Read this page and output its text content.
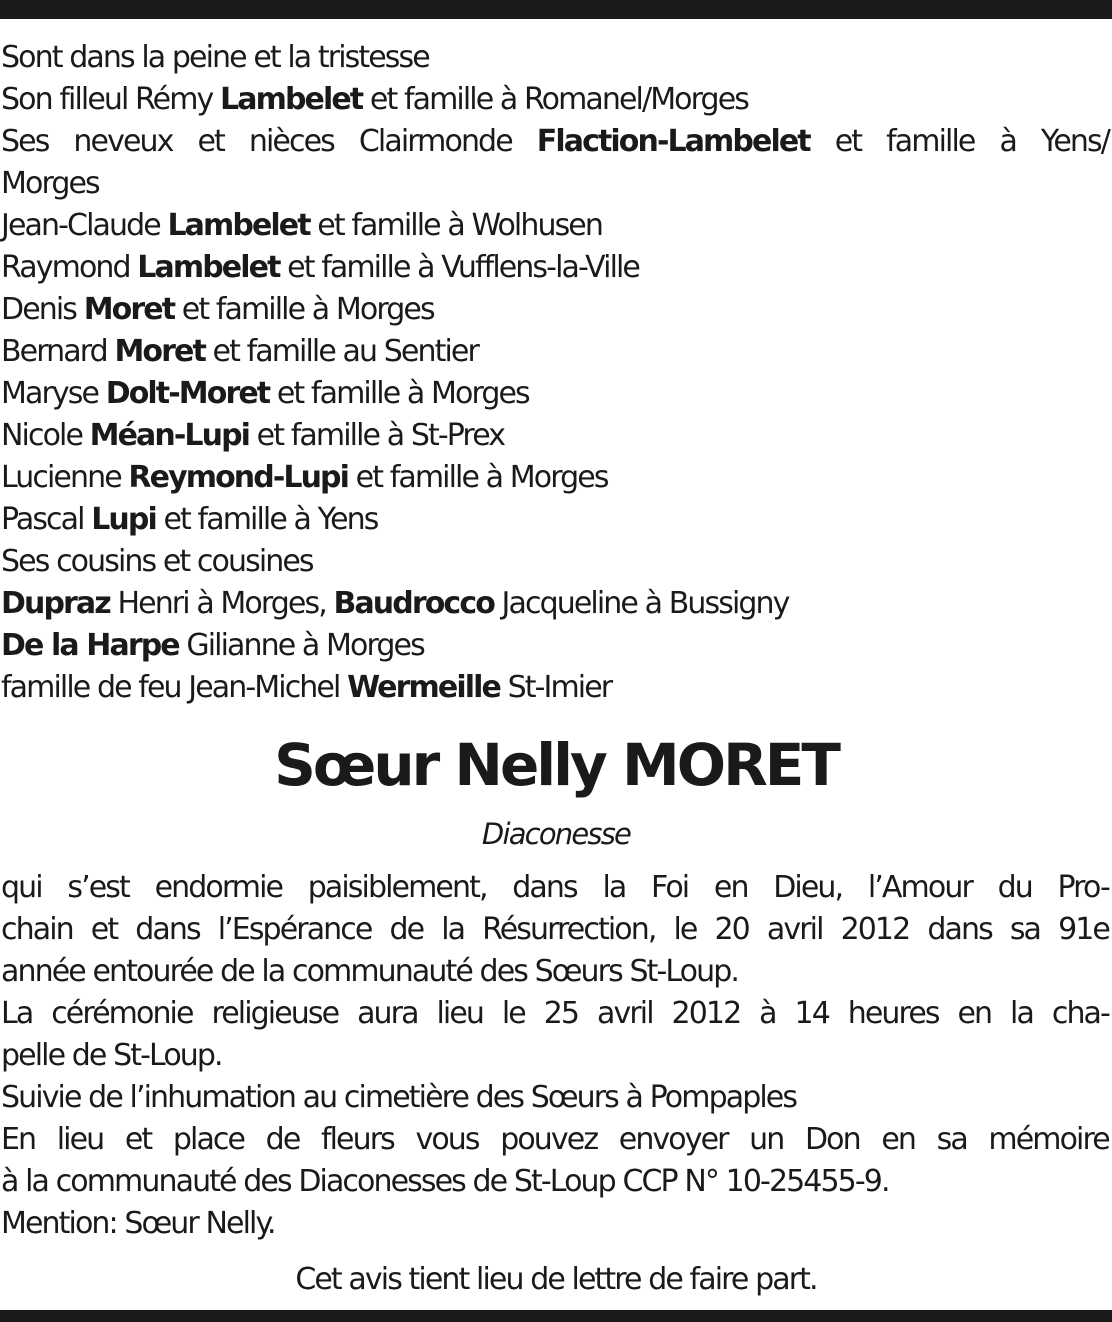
Sont dans la peine et la tristesse
Son filleul Rémy Lambelet et famille à Romanel/Morges
Ses neveux et nièces Clairmonde Flaction-Lambelet et famille à Yens/
Morges
Jean-Claude Lambelet et famille à Wolhusen
Raymond Lambelet et famille à Vufflens-la-Ville
Denis Moret et famille à Morges
Bernard Moret et famille au Sentier
Maryse Dolt-Moret et famille à Morges
Nicole Méan-Lupi et famille à St-Prex
Lucienne Reymond-Lupi et famille à Morges
Pascal Lupi et famille à Yens
Ses cousins et cousines
Dupraz Henri à Morges, Baudrocco Jacqueline à Bussigny
De la Harpe Gilianne à Morges
famille de feu Jean-Michel Wermeille St-Imier
Sœur Nelly MORET
Diaconesse
qui s’est endormie paisiblement, dans la Foi en Dieu, l’Amour du Pro-
chain et dans l’Espérance de la Résurrection, le 20 avril 2012 dans sa 91e
année entourée de la communauté des Sœurs St-Loup.
La cérémonie religieuse aura lieu le 25 avril 2012 à 14 heures en la cha-
pelle de St-Loup.
Suivie de l’inhumation au cimetière des Sœurs à Pompaples
En lieu et place de fleurs vous pouvez envoyer un Don en sa mémoire
à la communauté des Diaconesses de St-Loup CCP N° 10-25455-9.
Mention: Sœur Nelly.
Cet avis tient lieu de lettre de faire part.
